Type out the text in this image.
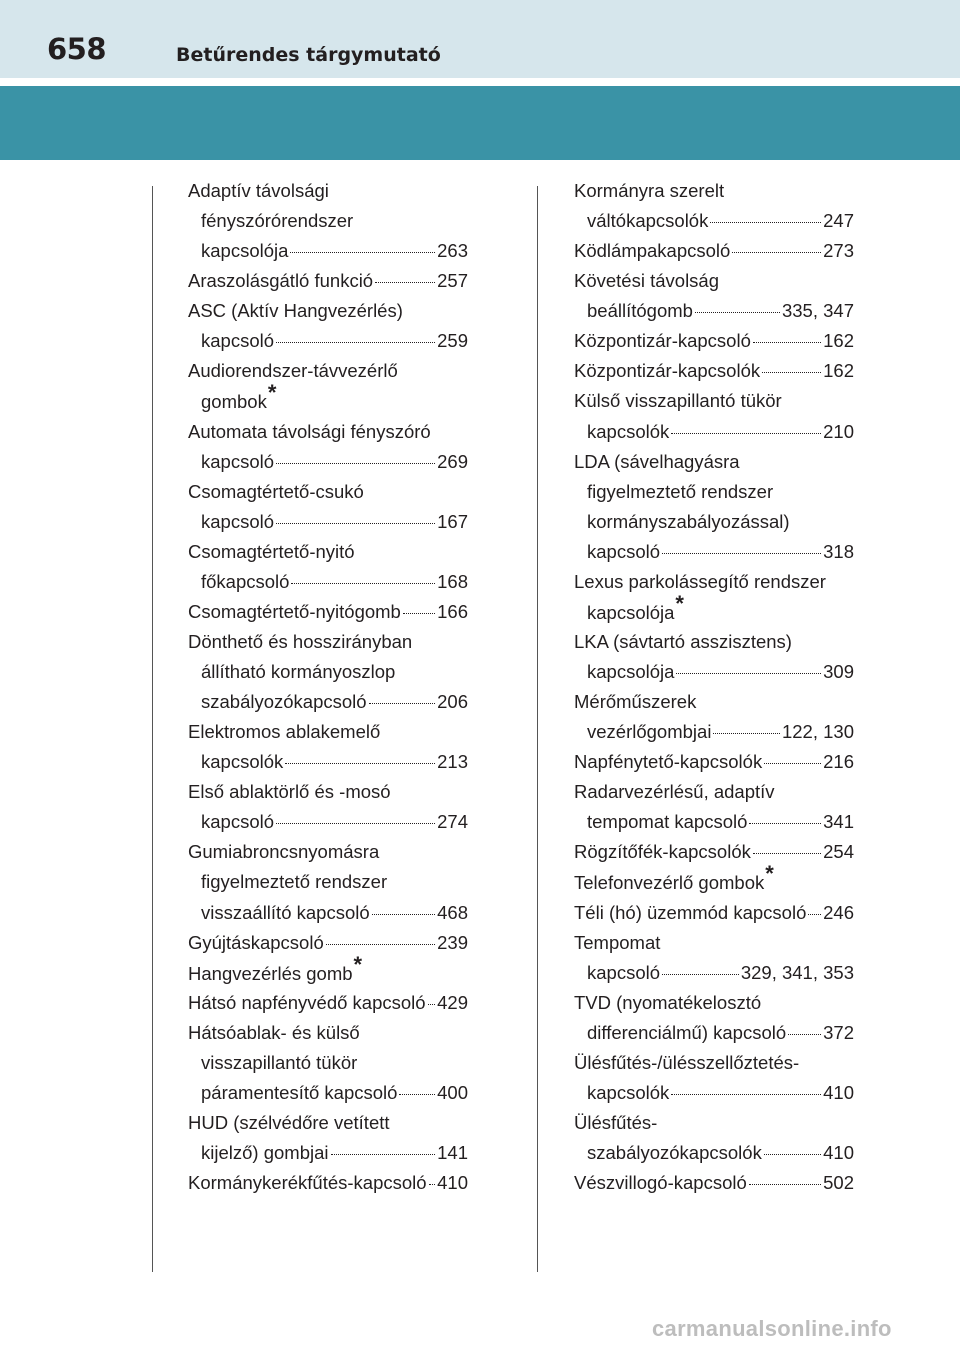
658	Betűrendes tárgymutató
Adaptív távolsági
fényszórórendszer
kapcsolója	263
Araszolásgátló funkció	257
ASC (Aktív Hangvezérlés)
kapcsoló	259
Audiorendszer-távvezérlő
gombok *
Automata távolsági fényszóró
kapcsoló	269
Csomagtértető-csukó
kapcsoló	167
Csomagtértető-nyitó
főkapcsoló	168
Csomagtértető-nyitógomb 166
Dönthető és hosszirányban
állítható kormányoszlop
szabályozókapcsoló	206
Elektromos ablakemelő
kapcsolók	213
Első ablaktörlő és -mosó
kapcsoló	274
Gumiabroncsnyomásra
figyelmeztető rendszer
visszaállító kapcsoló	468
Gyújtáskapcsoló	239
Hangvezérlés gomb *
Hátsó napfényvédő kapcsoló 429
Hátsóablak- és külső
visszapillantó tükör
páramentesítő kapcsoló 400
HUD (szélvédőre vetített
kijelző) gombjai	141
Kormánykerékfűtés-kapcsoló 410
Kormányra szerelt
váltókapcsolók	247
Ködlámpakapcsoló	273
Követési távolság
beállítógomb	335, 347
Központizár-kapcsoló	162
Központizár-kapcsolók	162
Külső visszapillantó tükör
kapcsolók	210
LDA (sávelhagyásra
figyelmeztető rendszer
kormányszabályozással)
kapcsoló	318
Lexus parkolássegítő rendszer
kapcsolója *
LKA (sávtartó asszisztens)
kapcsolója	309
Mérőműszerek
vezérlőgombjai	122, 130
Napfénytető-kapcsolók	216
Radarvezérlésű, adaptív
tempomat kapcsoló	341
Rögzítőfék-kapcsolók	254
Telefonvezérlő gombok *
Téli (hó) üzemmód kapcsoló 246
Tempomat
kapcsoló	329, 341, 353
TVD (nyomatékelosztó
differenciálmű) kapcsoló 372
Ülésfűtés-/ülésszellőztetés-
kapcsolók	410
Ülésfűtés-
szabályozókapcsolók	410
Vészvillogó-kapcsoló	502
carmanualsonline.info
